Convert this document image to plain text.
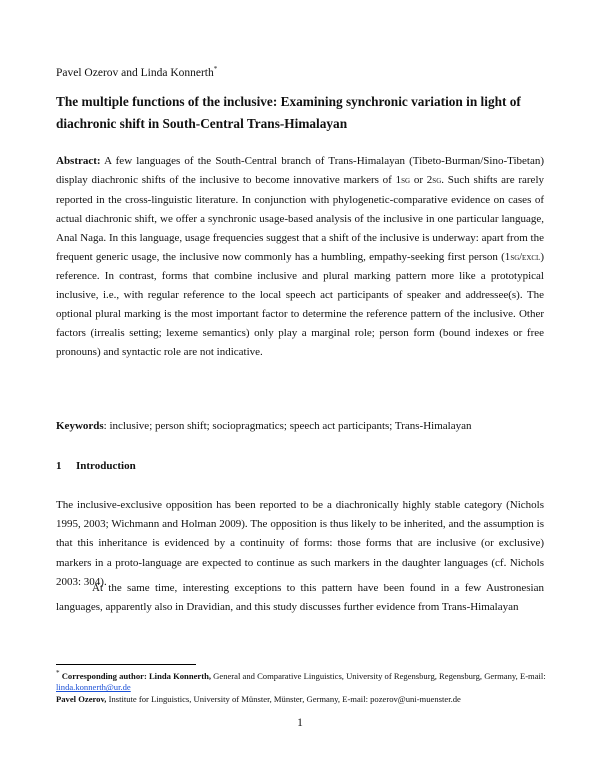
Pavel Ozerov and Linda Konnerth*
The multiple functions of the inclusive: Examining synchronic variation in light of diachronic shift in South-Central Trans-Himalayan

Abstract: A few languages of the South-Central branch of Trans-Himalayan (Tibeto-Burman/Sino-Tibetan) display diachronic shifts of the inclusive to become innovative markers of 1sg or 2sg. Such shifts are rarely reported in the cross-linguistic literature. In conjunction with phylogenetic-comparative evidence on cases of actual diachronic shift, we offer a synchronic usage-based analysis of the inclusive in one particular language, Anal Naga. In this language, usage frequencies suggest that a shift of the inclusive is underway: apart from the frequent generic usage, the inclusive now commonly has a humbling, empathy-seeking first person (1sg/excl) reference. In contrast, forms that combine inclusive and plural marking pattern more like a prototypical inclusive, i.e., with regular reference to the local speech act participants of speaker and addressee(s). The optional plural marking is the most important factor to determine the reference pattern of the inclusive. Other factors (irrealis setting; lexeme semantics) only play a marginal role; person form (bound indexes or free pronouns) and syntactic role are not indicative.

Keywords: inclusive; person shift; sociopragmatics; speech act participants; Trans-Himalayan

1 Introduction

The inclusive-exclusive opposition has been reported to be a diachronically highly stable category (Nichols 1995, 2003; Wichmann and Holman 2009). The opposition is thus likely to be inherited, and the assumption is that this inheritance is evidenced by a continuity of forms: those forms that are inclusive (or exclusive) markers in a proto-language are expected to continue as such markers in the daughter languages (cf. Nichols 2003: 304).

At the same time, interesting exceptions to this pattern have been found in a few Austronesian languages, apparently also in Dravidian, and this study discusses further evidence from Trans-Himalayan

* Corresponding author: Linda Konnerth, General and Comparative Linguistics, University of Regensburg, Regensburg, Germany, E-mail: linda.konnerth@ur.de
Pavel Ozerov, Institute for Linguistics, University of Münster, Münster, Germany, E-mail: pozerov@uni-muenster.de
1
